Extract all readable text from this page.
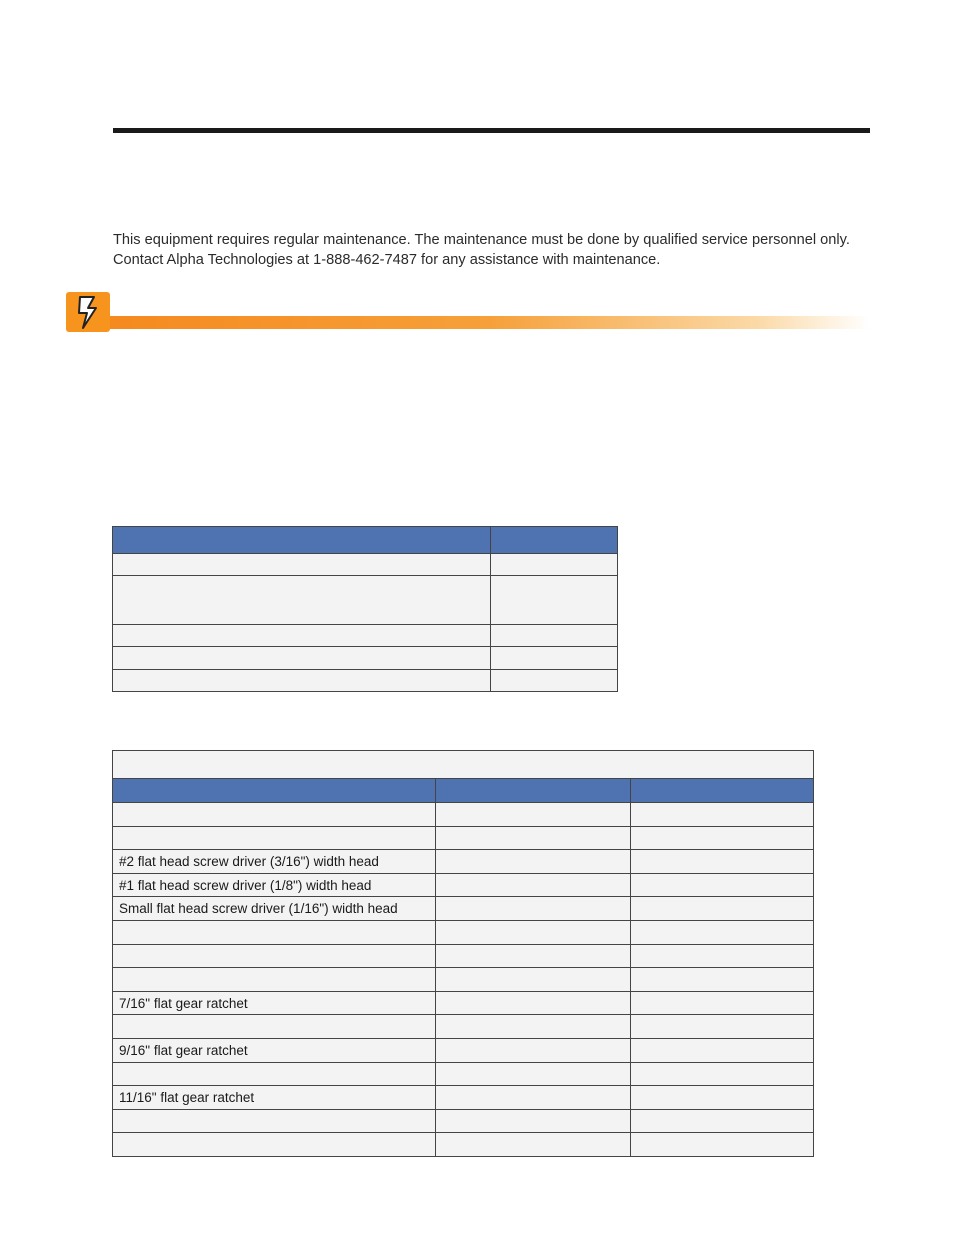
This equipment requires regular maintenance. The maintenance must be done by qualified service personnel only. Contact Alpha Technologies at 1-888-462-7487 for any assistance with maintenance.

#2 flat head screw driver (3/16") width head		
#1 flat head screw driver (1/8") width head		
Small flat head screw driver (1/16") width head		

7/16" flat gear ratchet		

9/16" flat gear ratchet		

11/16" flat gear ratchet		
